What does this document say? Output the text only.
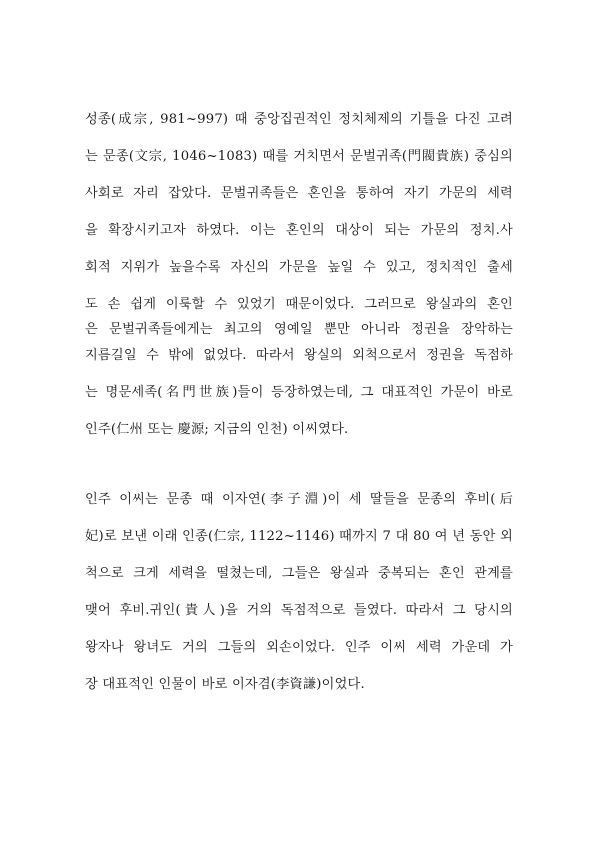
성종(成宗, 981~997) 때 중앙집권적인 정치체제의 기틀을 다진 고려
는 문종(文宗, 1046~1083) 때를 거치면서 문벌귀족(門閥貴族) 중심의
사회로 자리 잡았다. 문벌귀족들은 혼인을 통하여 자기 가문의 세력
을 확장시키고자 하였다. 이는 혼인의 대상이 되는 가문의 정치.사
회적 지위가 높을수록 자신의 가문을 높일 수 있고, 정치적인 출세
도 손 쉽게 이룩할 수 있었기 때문이었다. 그러므로 왕실과의 혼인
은 문벌귀족들에게는 최고의 영예일 뿐만 아니라 정권을 장악하는
지름길일 수 밖에 없었다. 따라서 왕실의 외척으로서 정권을 독점하
는 명문세족(名門世族)들이 등장하였는데, 그 대표적인 가문이 바로
인주(仁州 또는 慶源; 지금의 인천) 이씨였다.
인주 이씨는 문종 때 이자연(李子淵)이 세 딸들을 문종의 후비(后
妃)로 보낸 이래 인종(仁宗, 1122~1146) 때까지 7 대 80 여 년 동안 외
척으로 크게 세력을 떨쳤는데, 그들은 왕실과 중복되는 혼인 관계를
맺어 후비.귀인(貴人)을 거의 독점적으로 들였다. 따라서 그 당시의
왕자나 왕녀도 거의 그들의 외손이었다. 인주 이씨 세력 가운데 가
장 대표적인 인물이 바로 이자겸(李資謙)이었다.
